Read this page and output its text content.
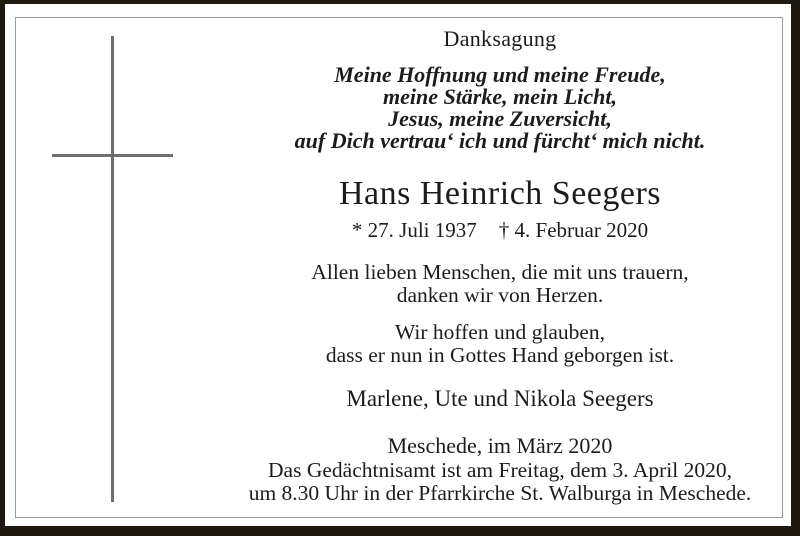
Danksagung
Meine Hoffnung und meine Freude,
meine Stärke, mein Licht,
Jesus, meine Zuversicht,
auf Dich vertrau‘ ich und fürcht‘ mich nicht.
Hans Heinrich Seegers
* 27. Juli 1937 † 4. Februar 2020
Allen lieben Menschen, die mit uns trauern,
danken wir von Herzen.
Wir hoffen und glauben,
dass er nun in Gottes Hand geborgen ist.
Marlene, Ute und Nikola Seegers
Meschede, im März 2020
Das Gedächtnisamt ist am Freitag, dem 3. April 2020,
um 8.30 Uhr in der Pfarrkirche St. Walburga in Meschede.
